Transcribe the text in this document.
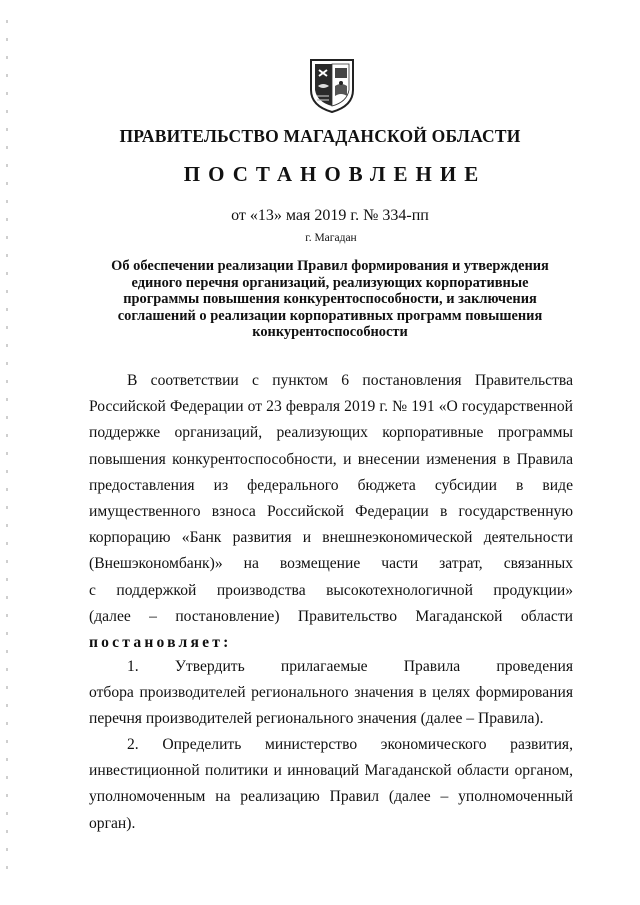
ПРАВИТЕЛЬСТВО МАГАДАНСКОЙ ОБЛАСТИ
ПОСТАНОВЛЕНИЕ
от «13» мая 2019 г. № 334-пп
г. Магадан
Об обеспечении реализации Правил формирования и утверждения
единого перечня организаций, реализующих корпоративные
программы повышения конкурентоспособности, и заключения
соглашений о реализации корпоративных программ повышения
конкурентоспособности
В соответствии с пунктом 6 постановления Правительства
Российской Федерации от 23 февраля 2019 г. № 191 «О государственной
поддержке организаций, реализующих корпоративные программы
повышения конкурентоспособности, и внесении изменения в Правила
предоставления из федерального бюджета субсидии в виде
имущественного взноса Российской Федерации в государственную
корпорацию «Банк развития и внешнеэкономической деятельности
(Внешэкономбанк)» на возмещение части затрат, связанных
с поддержкой производства высокотехнологичной продукции»
(далее – постановление) Правительство Магаданской области
постановляет:
1. Утвердить прилагаемые Правила проведения
отбора производителей регионального значения в целях формирования
перечня производителей регионального значения (далее – Правила).
2. Определить министерство экономического развития,
инвестиционной политики и инноваций Магаданской области органом,
уполномоченным на реализацию Правил (далее – уполномоченный
орган).
